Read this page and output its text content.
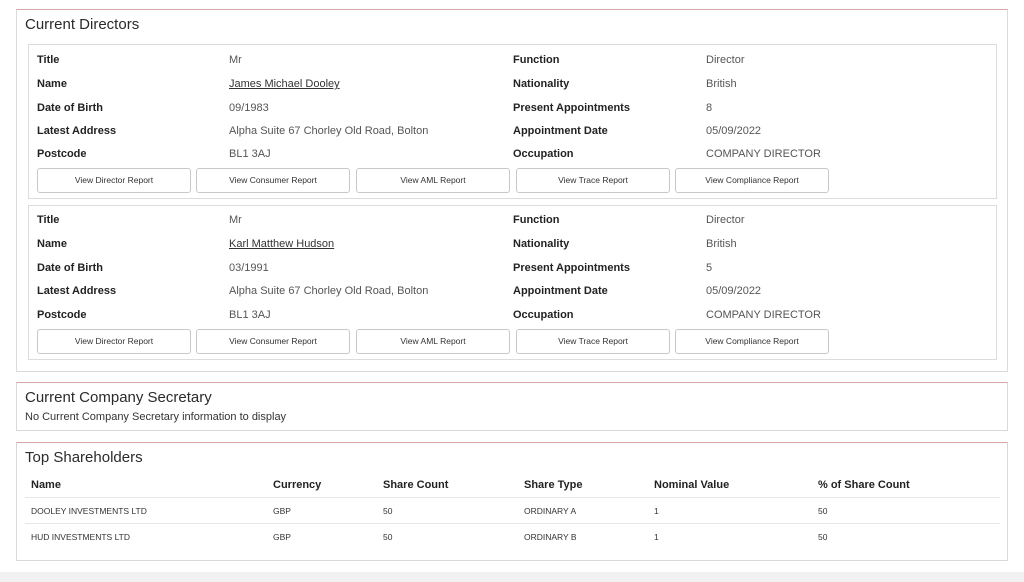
Current Directors
Title	Mr	Function	Director
Name	James Michael Dooley	Nationality	British
Date of Birth	09/1983	Present Appointments	8
Latest Address	Alpha Suite 67 Chorley Old Road, Bolton	Appointment Date	05/09/2022
Postcode	BL1 3AJ	Occupation	COMPANY DIRECTOR
View Director Report	View Consumer Report	View AML Report	View Trace Report	View Compliance Report
Title	Mr	Function	Director
Name	Karl Matthew Hudson	Nationality	British
Date of Birth	03/1991	Present Appointments	5
Latest Address	Alpha Suite 67 Chorley Old Road, Bolton	Appointment Date	05/09/2022
Postcode	BL1 3AJ	Occupation	COMPANY DIRECTOR
View Director Report	View Consumer Report	View AML Report	View Trace Report	View Compliance Report
Current Company Secretary
No Current Company Secretary information to display
Top Shareholders
Name	Currency	Share Count	Share Type	Nominal Value	% of Share Count
DOOLEY INVESTMENTS LTD	GBP	50	ORDINARY A	1	50
HUD INVESTMENTS LTD	GBP	50	ORDINARY B	1	50
